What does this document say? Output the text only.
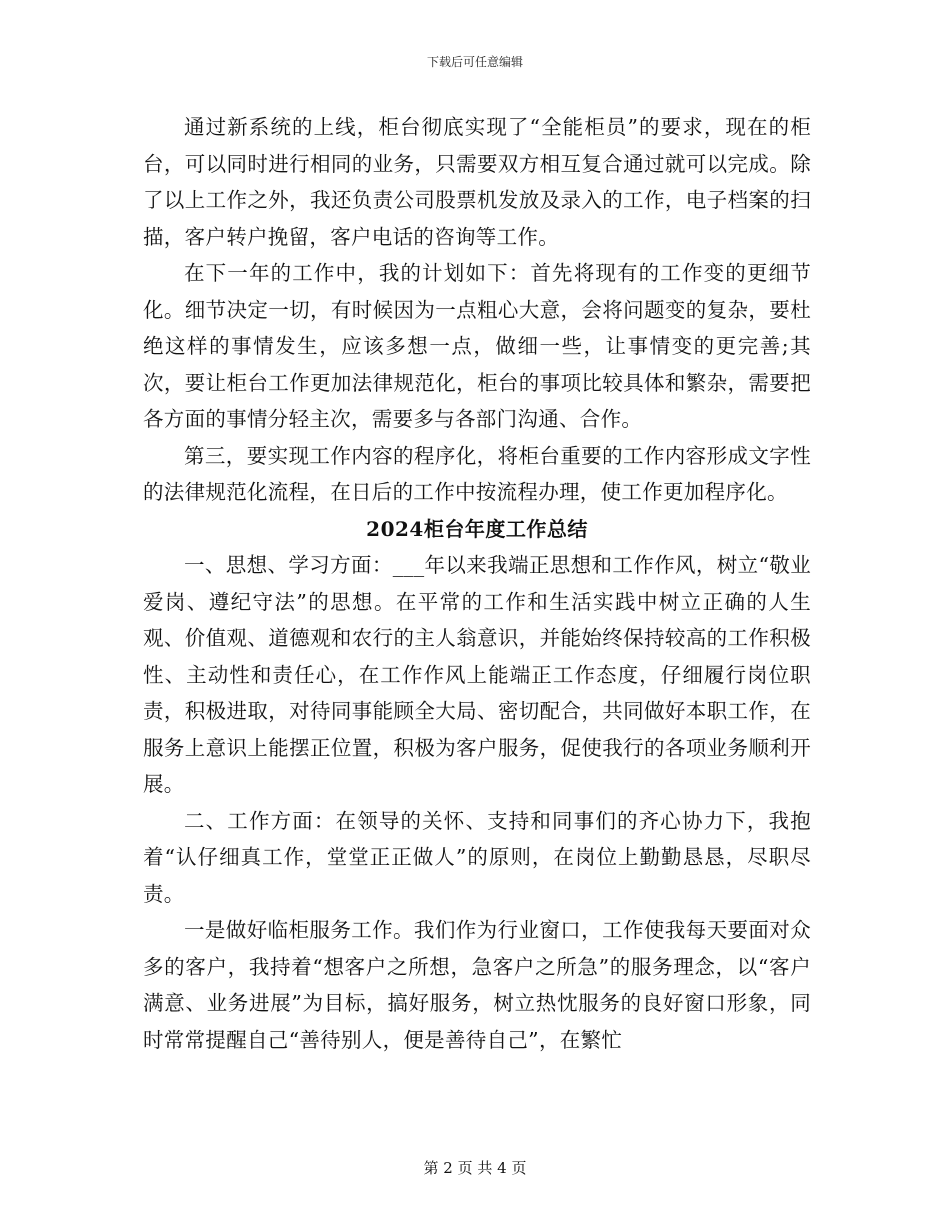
下载后可任意编辑

通过新系统的上线，柜台彻底实现了“全能柜员”的要求，现在的柜台，可以同时进行相同的业务，只需要双方相互复合通过就可以完成。除了以上工作之外，我还负责公司股票机发放及录入的工作，电子档案的扫描，客户转户挽留，客户电话的咨询等工作。

在下一年的工作中，我的计划如下：首先将现有的工作变的更细节化。细节决定一切，有时候因为一点粗心大意，会将问题变的复杂，要杜绝这样的事情发生，应该多想一点，做细一些，让事情变的更完善;其次，要让柜台工作更加法律规范化，柜台的事项比较具体和繁杂，需要把各方面的事情分轻主次，需要多与各部门沟通、合作。

第三，要实现工作内容的程序化，将柜台重要的工作内容形成文字性的法律规范化流程，在日后的工作中按流程办理，使工作更加程序化。

2024柜台年度工作总结

一、思想、学习方面：___年以来我端正思想和工作作风，树立“敬业爱岗、遵纪守法”的思想。在平常的工作和生活实践中树立正确的人生观、价值观、道德观和农行的主人翁意识，并能始终保持较高的工作积极性、主动性和责任心，在工作作风上能端正工作态度，仔细履行岗位职责，积极进取，对待同事能顾全大局、密切配合，共同做好本职工作，在服务上意识上能摆正位置，积极为客户服务，促使我行的各项业务顺利开展。

二、工作方面：在领导的关怀、支持和同事们的齐心协力下，我抱着“认仔细真工作，堂堂正正做人”的原则，在岗位上勤勤恳恳，尽职尽责。

一是做好临柜服务工作。我们作为行业窗口，工作使我每天要面对众多的客户，我持着“想客户之所想，急客户之所急”的服务理念，以“客户满意、业务进展”为目标，搞好服务，树立热忱服务的良好窗口形象，同时常常提醒自己“善待别人，便是善待自己”，在繁忙

第 2 页 共 4 页
